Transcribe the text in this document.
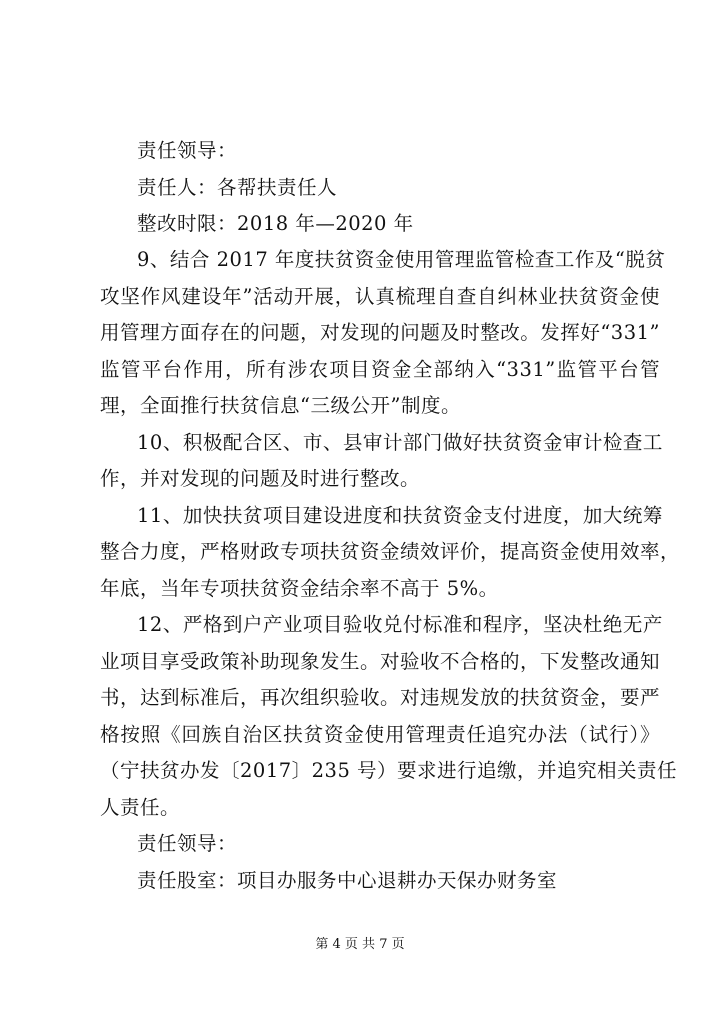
责任领导：
责任人：各帮扶责任人
整改时限：2018 年—2020 年
9、结合 2017 年度扶贫资金使用管理监管检查工作及“脱贫
攻坚作风建设年”活动开展，认真梳理自查自纠林业扶贫资金使
用管理方面存在的问题，对发现的问题及时整改。发挥好“331”
监管平台作用，所有涉农项目资金全部纳入“331”监管平台管
理，全面推行扶贫信息“三级公开”制度。
10、积极配合区、市、县审计部门做好扶贫资金审计检查工
作，并对发现的问题及时进行整改。
11、加快扶贫项目建设进度和扶贫资金支付进度，加大统筹
整合力度，严格财政专项扶贫资金绩效评价，提高资金使用效率，
年底，当年专项扶贫资金结余率不高于 5%。
12、严格到户产业项目验收兑付标准和程序，坚决杜绝无产
业项目享受政策补助现象发生。对验收不合格的，下发整改通知
书，达到标准后，再次组织验收。对违规发放的扶贫资金，要严
格按照《回族自治区扶贫资金使用管理责任追究办法（试行）》
（宁扶贫办发〔2017〕235 号）要求进行追缴，并追究相关责任
人责任。
责任领导：
责任股室：项目办服务中心退耕办天保办财务室
第 4 页 共 7 页
